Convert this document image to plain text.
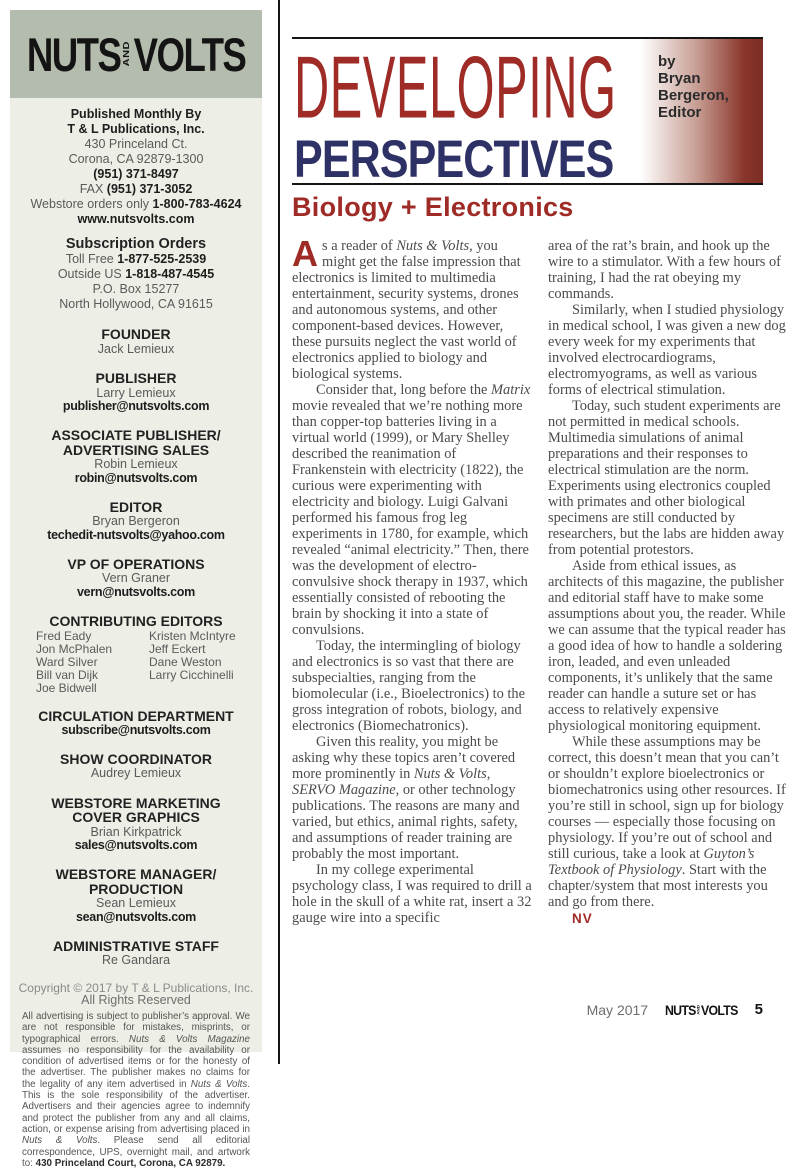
NUTS AND VOLTS
Published Monthly By
T & L Publications, Inc.
430 Princeland Ct.
Corona, CA 92879-1300
(951) 371-8497
FAX (951) 371-3052
Webstore orders only 1-800-783-4624
www.nutsvolts.com
Subscription Orders
Toll Free 1-877-525-2539
Outside US 1-818-487-4545
P.O. Box 15277
North Hollywood, CA 91615
FOUNDER
Jack Lemieux
PUBLISHER
Larry Lemieux
publisher@nutsvolts.com
ASSOCIATE PUBLISHER/
ADVERTISING SALES
Robin Lemieux
robin@nutsvolts.com
EDITOR
Bryan Bergeron
techedit-nutsvolts@yahoo.com
VP OF OPERATIONS
Vern Graner
vern@nutsvolts.com
CONTRIBUTING EDITORS
Fred Eady
Jon McPhalen
Ward Silver
Bill van Dijk
Joe Bidwell
Kristen McIntyre
Jeff Eckert
Dane Weston
Larry Cicchinelli
CIRCULATION DEPARTMENT
subscribe@nutsvolts.com
SHOW COORDINATOR
Audrey Lemieux
WEBSTORE MARKETING
COVER GRAPHICS
Brian Kirkpatrick
sales@nutsvolts.com
WEBSTORE MANAGER/
PRODUCTION
Sean Lemieux
sean@nutsvolts.com
ADMINISTRATIVE STAFF
Re Gandara
Copyright © 2017 by T & L Publications, Inc.
All Rights Reserved
All advertising is subject to publisher’s approval. We are not responsible for mistakes, misprints, or typographical errors. Nuts & Volts Magazine assumes no responsibility for the availability or condition of advertised items or for the honesty of the advertiser. The publisher makes no claims for the legality of any item advertised in Nuts & Volts. This is the sole responsibility of the advertiser. Advertisers and their agencies agree to indemnify and protect the publisher from any and all claims, action, or expense arising from advertising placed in Nuts & Volts. Please send all editorial correspondence, UPS, overnight mail, and artwork to: 430 Princeland Court, Corona, CA 92879.
DEVELOPING
PERSPECTIVES
by
Bryan
Bergeron,
Editor
Biology + Electronics

As a reader of Nuts & Volts, you might get the false impression that electronics is limited to multimedia entertainment, security systems, drones and autonomous systems, and other component-based devices. However, these pursuits neglect the vast world of electronics applied to biology and biological systems.

Consider that, long before the Matrix movie revealed that we’re nothing more than copper-top batteries living in a virtual world (1999), or Mary Shelley described the reanimation of Frankenstein with electricity (1822), the curious were experimenting with electricity and biology. Luigi Galvani performed his famous frog leg experiments in 1780, for example, which revealed “animal electricity.” Then, there was the development of electro-convulsive shock therapy in 1937, which essentially consisted of rebooting the brain by shocking it into a state of convulsions.

Today, the intermingling of biology and electronics is so vast that there are subspecialties, ranging from the biomolecular (i.e., Bioelectronics) to the gross integration of robots, biology, and electronics (Biomechatronics).

Given this reality, you might be asking why these topics aren’t covered more prominently in Nuts & Volts, SERVO Magazine, or other technology publications. The reasons are many and varied, but ethics, animal rights, safety, and assumptions of reader training are probably the most important.

In my college experimental psychology class, I was required to drill a hole in the skull of a white rat, insert a 32 gauge wire into a specific

area of the rat’s brain, and hook up the wire to a stimulator. With a few hours of training, I had the rat obeying my commands.

Similarly, when I studied physiology in medical school, I was given a new dog every week for my experiments that involved electrocardiograms, electromyograms, as well as various forms of electrical stimulation.

Today, such student experiments are not permitted in medical schools. Multimedia simulations of animal preparations and their responses to electrical stimulation are the norm. Experiments using electronics coupled with primates and other biological specimens are still conducted by researchers, but the labs are hidden away from potential protestors.

Aside from ethical issues, as architects of this magazine, the publisher and editorial staff have to make some assumptions about you, the reader. While we can assume that the typical reader has a good idea of how to handle a soldering iron, leaded, and even unleaded components, it’s unlikely that the same reader can handle a suture set or has access to relatively expensive physiological monitoring equipment.

While these assumptions may be correct, this doesn’t mean that you can’t or shouldn’t explore bioelectronics or biomechatronics using other resources. If you’re still in school, sign up for biology courses — especially those focusing on physiology. If you’re out of school and still curious, take a look at Guyton’s Textbook of Physiology. Start with the chapter/system that most interests you and go from there.
NV

May 2017 NUTS AND VOLTS 5
